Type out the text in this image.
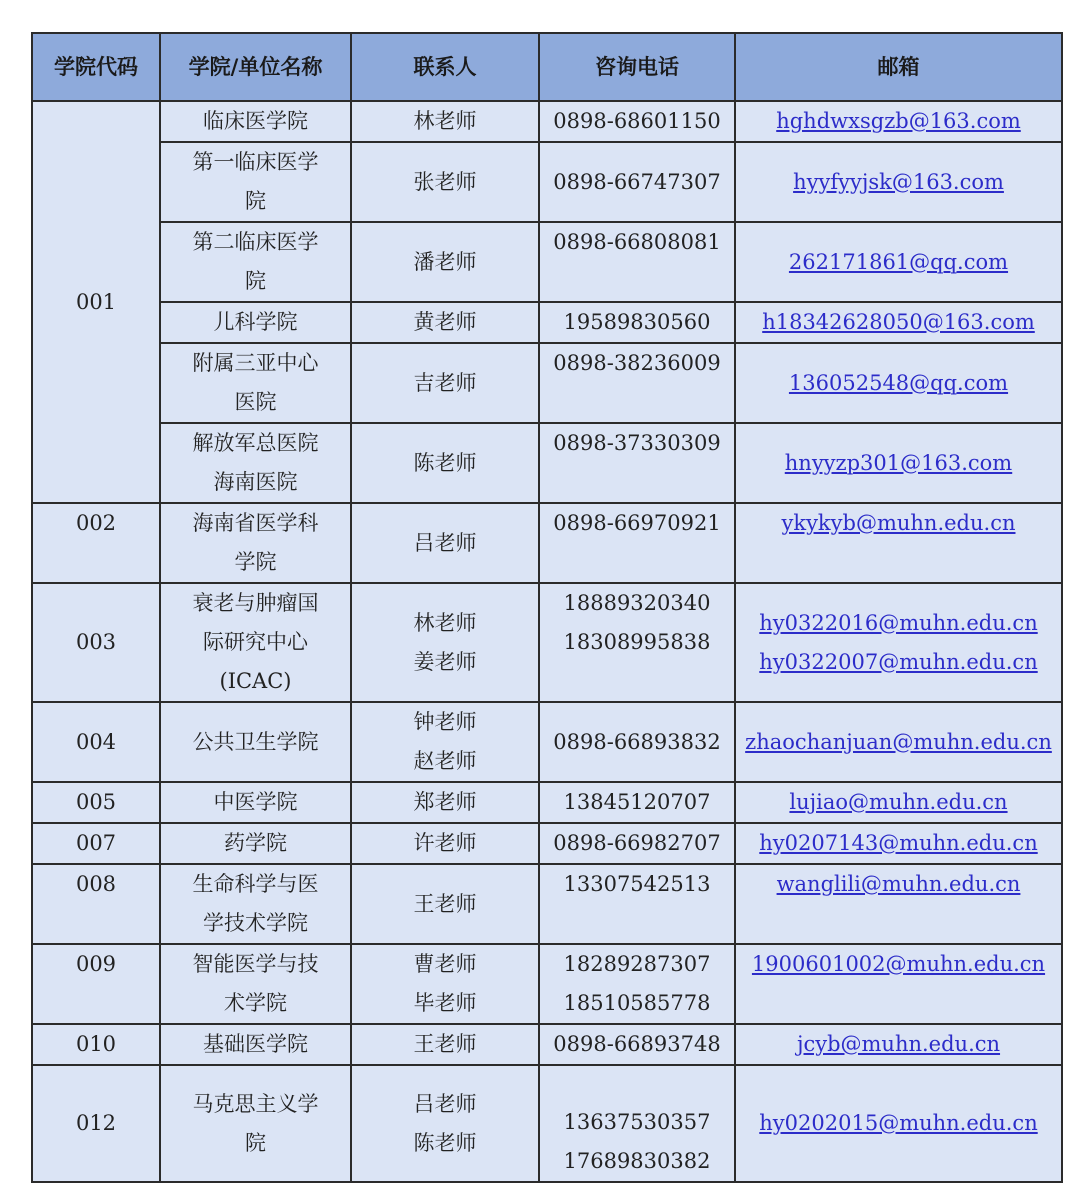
学院代码	学院/单位名称	联系人	咨询电话	邮箱
001	临床医学院	林老师	0898-68601150	hghdwxsgzb@163.com

	第一临床医学
院	张老师	0898-66747307	hyyfyyjsk@163.com

	第二临床医学
院	潘老师	0898-66808081	262171861@qq.com

	儿科学院	黄老师	19589830560	h18342628050@163.com

	附属三亚中心
医院	吉老师	0898-38236009	136052548@qq.com

	解放军总医院
海南医院	陈老师	0898-37330309	hnyyzp301@163.com

002	海南省医学科
学院	吕老师	0898-66970921	ykykyb@muhn.edu.cn

003	衰老与肿瘤国
际研究中心
(ICAC)	林老师
姜老师	18889320340
18308995838	hy0322016@muhn.edu.cn
hy0322007@muhn.edu.cn

004	公共卫生学院	钟老师
赵老师	0898-66893832	zhaochanjuan@muhn.edu.cn

005	中医学院	郑老师	13845120707	lujiao@muhn.edu.cn

007	药学院	许老师	0898-66982707	hy0207143@muhn.edu.cn

008	生命科学与医
学技术学院	王老师	13307542513	wanglili@muhn.edu.cn

009	智能医学与技
术学院	曹老师
毕老师	18289287307
18510585778	1900601002@muhn.edu.cn

010	基础医学院	王老师	0898-66893748	jcyb@muhn.edu.cn

012	马克思主义学
院	吕老师
陈老师	13637530357
17689830382	hy0202015@muhn.edu.cn
